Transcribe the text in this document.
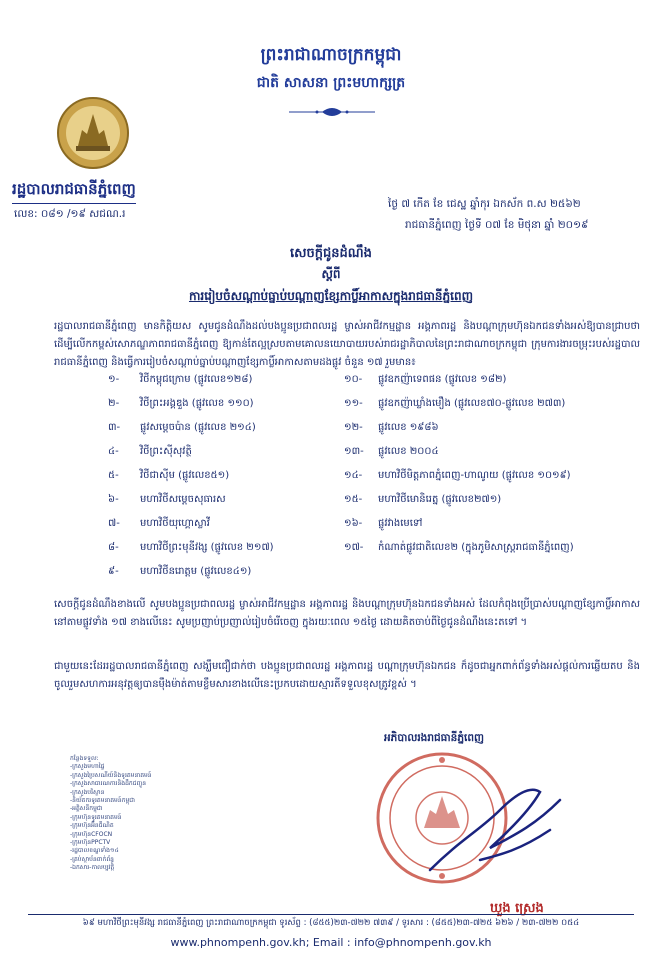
ព្រះរាជាណាចក្រកម្ពុជា
ជាតិ សាសនា ព្រះមហាក្សត្រ
រដ្ឋបាលរាជធានីភ្នំពេញ
លេខ: ០៨១ /១៩ សជណ.រ
ថ្ងៃ ៧ កើត ខែ ជេស្ឋ ឆ្នាំកុរ ឯកស័ក ព.ស ២៥៦២
រាជធានីភ្នំពេញ ថ្ងៃទី ០៧ ខែ មិថុនា ឆ្នាំ ២០១៩
សេចក្តីជូនដំណឹង
ស្តីពី
ការរៀបចំសណ្តាប់ធ្នាប់បណ្តាញខ្សែកាប្លិ៍អាកាសក្នុងរាជធានីភ្នំពេញ
រដ្ឋបាលរាជធានីភ្នំពេញ មានកិត្តិយស សូមជូនដំណឹងដល់បងប្អូនប្រជាពលរដ្ឋ ម្ចាស់អាជីវកម្មដ្ឋាន អង្គភាពរដ្ឋ និងបណ្តាក្រុមហ៊ុនឯកជនទាំងអស់ឱ្យបានជ្រាបថា ដើម្បីលើកកម្ពស់សោភណ្ឌភាពរាជធានីភ្នំពេញ ឱ្យកាន់តែល្អស្របតាមគោលនយោបាយរបស់រាជរដ្ឋាភិបាលនៃព្រះរាជាណាចក្រកម្ពុជា ក្រុមការងារចម្រុះរបស់រដ្ឋបាលរាជធានីភ្នំពេញ និងធ្វើការរៀបចំសណ្តាប់ធ្នាប់បណ្តាញខ្សែកាប្លិ៍អាកាសតាមដងផ្លូវ ចំនួន ១៧ រួមមាន៖
១- វិថីកម្ពុជក្រោម (ផ្លូវលេខ១២៨)
២- វិថីព្រះអង្គឌួង (ផ្លូវលេខ ១១០)
៣- ផ្លូវសម្តេចប៉ាន (ផ្លូវលេខ ២១៤)
៤- វិថីព្រះស៊ីសុវត្ថិ
៥- វិថីជាស៊ីម (ផ្លូវលេខ៥១)
៦- មហាវិថីសម្តេចសុធារស
៧- មហាវិថីយុហ្គោស្លាវី
៨- មហាវិថីព្រះមុនីវង្ស (ផ្លូវលេខ ២១៧)
៩- មហាវិថីនរោត្តម (ផ្លូវលេខ៤១)
១០- ផ្លូវឧកញ៉ាទេពផន (ផ្លូវលេខ ១៨២)
១១- ផ្លូវឧកញ៉ាឃ្លាំងមឿង (ផ្លូវលេខ៧០-ផ្លូវលេខ ២៧៣)
១២- ផ្លូវលេខ ១៩៨៦
១៣- ផ្លូវលេខ ២០០៤
១៤- មហាវិថីមិត្តភាពភ្នំពេញ-ហាណូយ (ផ្លូវលេខ ១០១៩)
១៥- មហាវិថីមោនិរេត្ន (ផ្លូវលេខ២៧១)
១៦- ផ្លូវវាងមេទៅ
១៧- កំណាត់ផ្លូវជាតិលេខ២ (ក្នុងភូមិសាស្ត្ររាជធានីភ្នំពេញ)
សេចក្តីជូនដំណឹងខាងលើ សូមបងប្អូនប្រជាពលរដ្ឋ ម្ចាស់អាជីវកម្មដ្ឋាន អង្គភាពរដ្ឋ និងបណ្តាក្រុមហ៊ុនឯកជនទាំងអស់ ដែលកំពុងប្រើប្រាស់បណ្តាញខ្សែកាប្លិ៍អាកាសនៅតាមផ្លូវទាំង ១៧ ខាងលើនេះ សូមប្រញាប់ប្រញាល់រៀបចំរើចេញ ក្នុងរយៈពេល ១៥ថ្ងៃ ដោយគិតចាប់ពីថ្ងៃជូនដំណឹងនេះតទៅ ។
ជាមួយនេះដែររដ្ឋបាលរាជធានីភ្នំពេញ សង្ឃឹមជឿជាក់ថា បងប្អូនប្រជាពលរដ្ឋ អង្គភាពរដ្ឋ បណ្តាក្រុមហ៊ុនឯកជន ក៏ដូចជាអ្នកពាក់ព័ន្ធទាំងអស់ផ្តល់ការឆ្លើយតប និងចូលរួមសហការអនុវត្តឲ្យបានម៉ឺងម៉ាត់តាមខ្លឹមសារខាងលើនេះប្រកបដោយស្មារតីទទួលខុសត្រូវខ្ពស់ ។
កន្លែងទទួល:
-ក្រសួងមហាផ្ទៃ
-ក្រសួងប្រៃសណីយ៍និងទូរគមនាគមន៍
-ក្រសួងសាធារណការនិងដឹកជញ្ជូន
-ក្រសួងបរិស្ថាន
-និយ័តករទូរគមនាគមន៍កម្ពុជា
-អគ្គិសនីកម្ពុជា
-ក្រុមហ៊ុនទូរគមនាគមន៍
-ក្រុមហ៊ុនអ៊ីនធឺណិត
-ក្រុមហ៊ុនCFOCN
-ក្រុមហ៊ុនPPCTV
-រដ្ឋបាលខណ្ឌទាំង១៤
-គ្រប់ស្ថាប័នពាក់ព័ន្ធ
-ឯកសារ-កាលប្បវត្តិ
អភិបាលរងរាជធានីភ្នំពេញ
ឃួង ស្រេង
៦៩ មហាវិថីព្រះមុនីវង្ស រាជធានីភ្នំពេញ ព្រះរាជាណាចក្រកម្ពុជា ទូរស័ព្ទ : (៨៥៥)២៣-៧២២ ៧៣៩ / ទូរសារ : (៨៥៥)២៣-៧២៥ ៦២៦ / ២៣-៧២២ ០៥៤
www.phnompenh.gov.kh; Email : info@phnompenh.gov.kh
